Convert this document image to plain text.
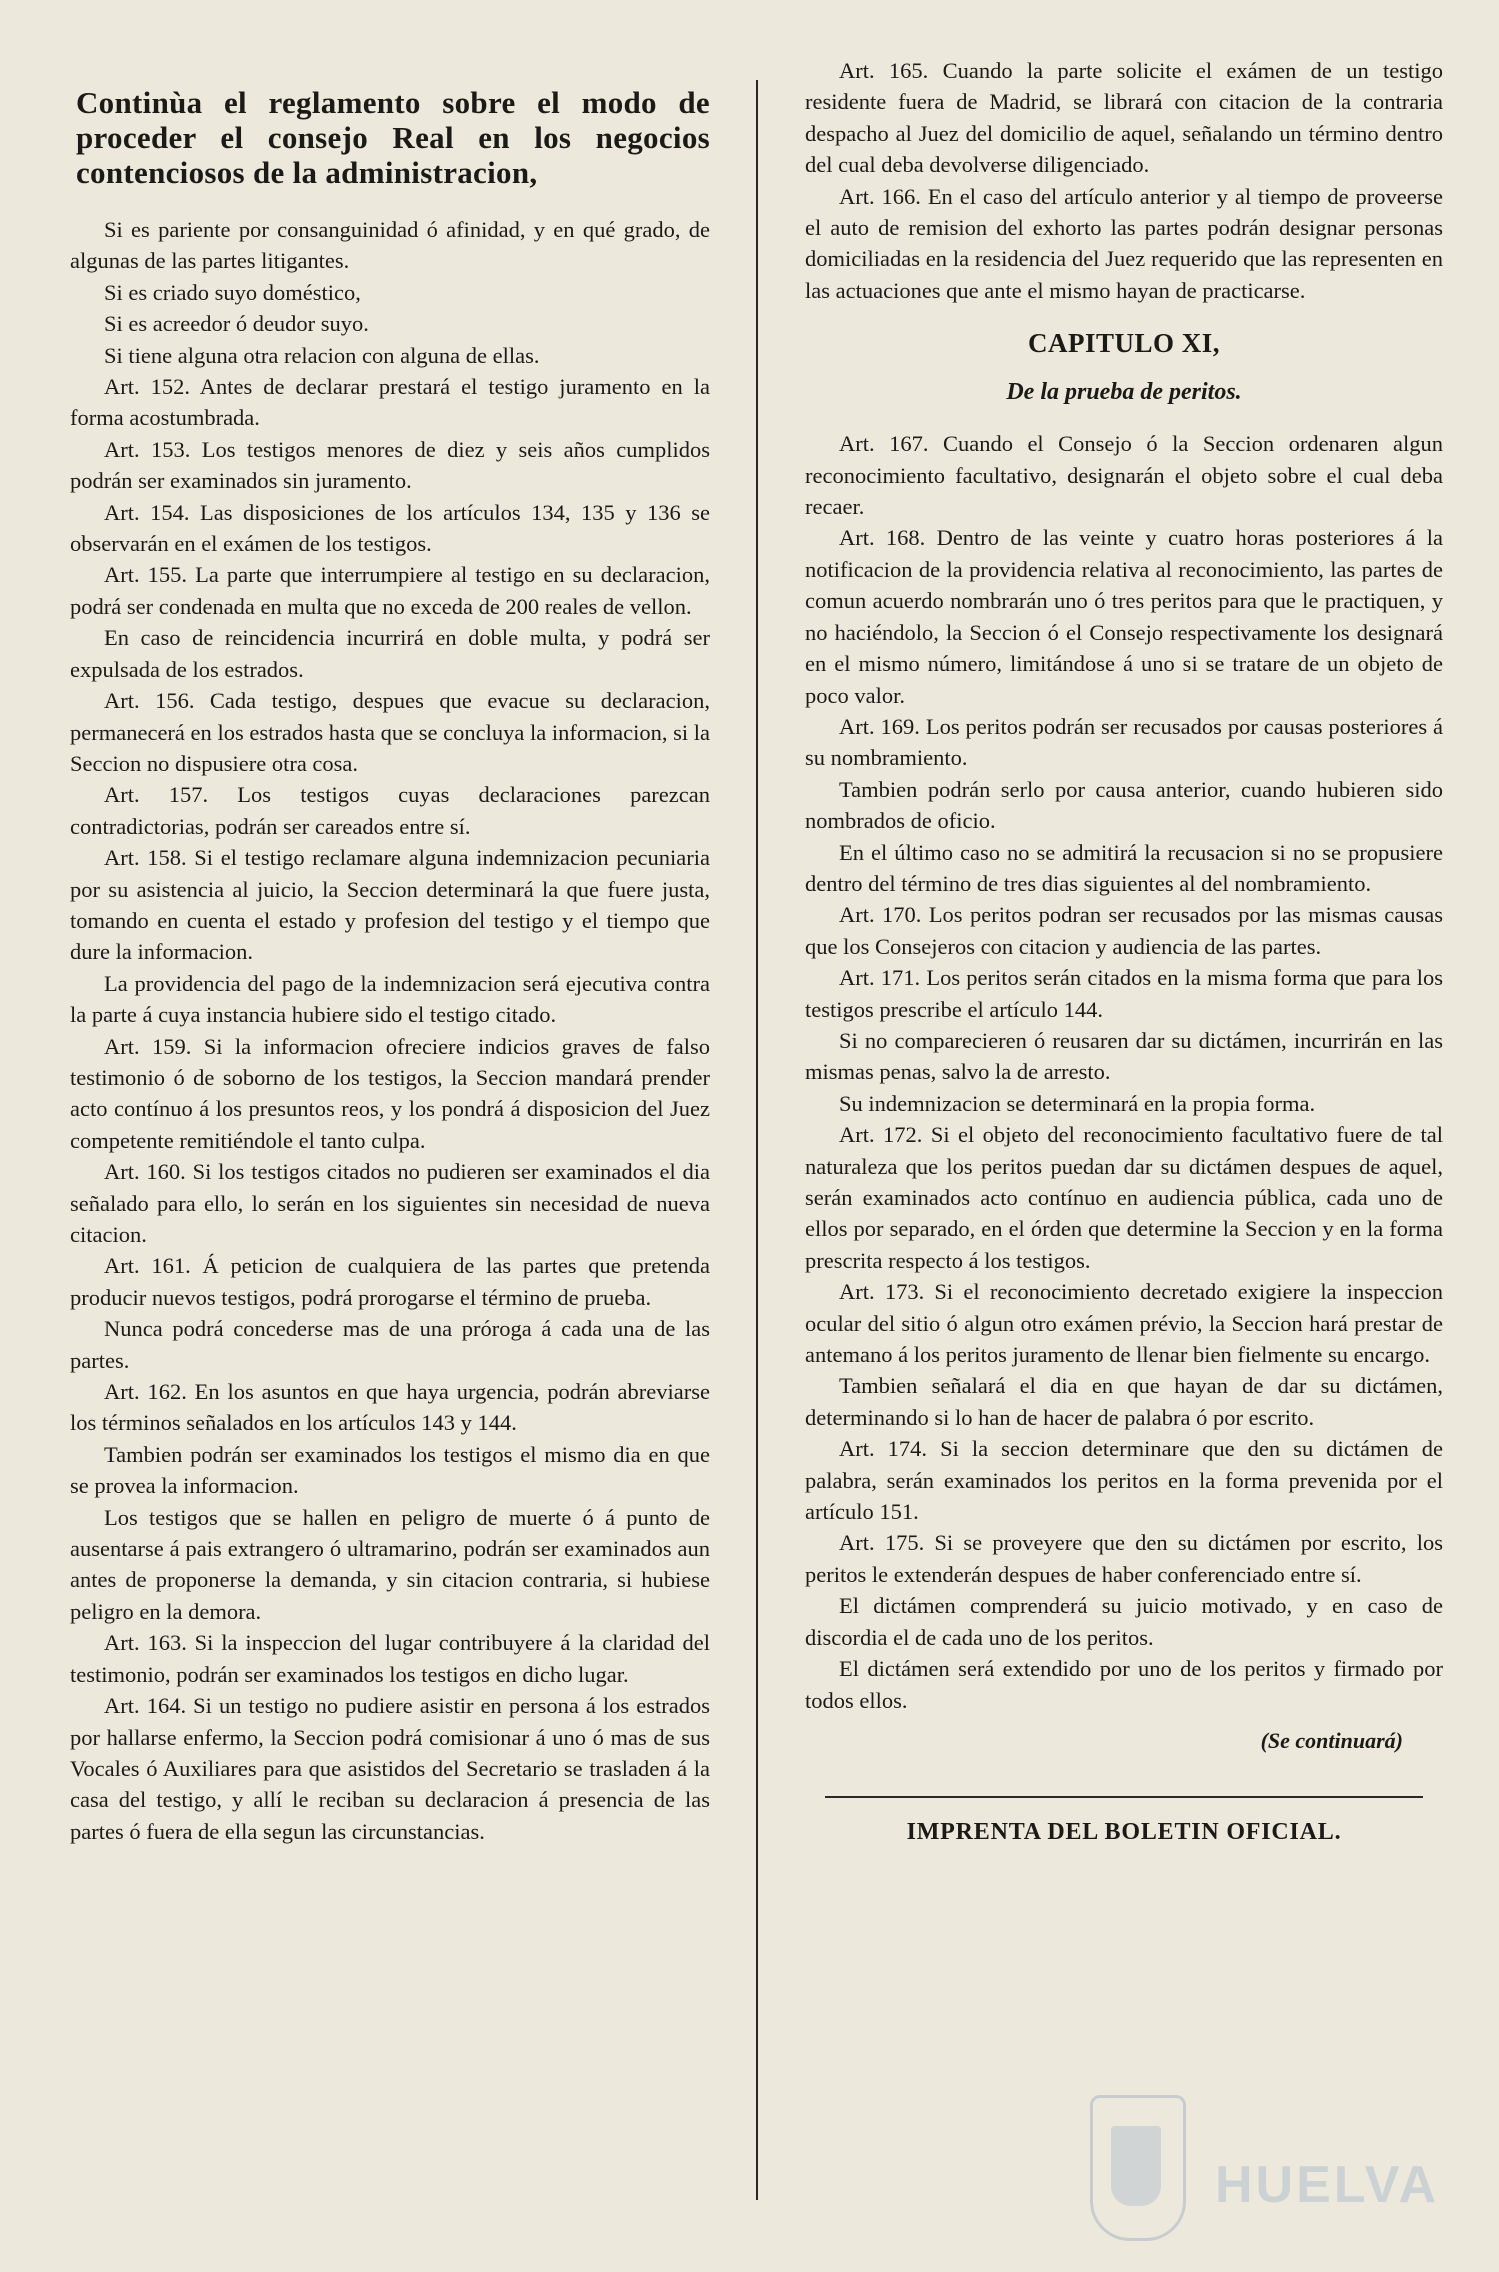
Continùa el reglamento sobre el modo de proceder el consejo Real en los negocios contenciosos de la administracion,

Si es pariente por consanguinidad ó afinidad, y en qué grado, de algunas de las partes litigantes.

Si es criado suyo doméstico,

Si es acreedor ó deudor suyo.

Si tiene alguna otra relacion con alguna de ellas.

Art. 152. Antes de declarar prestará el testigo juramento en la forma acostumbrada.

Art. 153. Los testigos menores de diez y seis años cumplidos podrán ser examinados sin juramento.

Art. 154. Las disposiciones de los artículos 134, 135 y 136 se observarán en el exámen de los testigos.

Art. 155. La parte que interrumpiere al testigo en su declaracion, podrá ser condenada en multa que no exceda de 200 reales de vellon.

En caso de reincidencia incurrirá en doble multa, y podrá ser expulsada de los estrados.

Art. 156. Cada testigo, despues que evacue su declaracion, permanecerá en los estrados hasta que se concluya la informacion, si la Seccion no dispusiere otra cosa.

Art. 157. Los testigos cuyas declaraciones parezcan contradictorias, podrán ser careados entre sí.

Art. 158. Si el testigo reclamare alguna indemnizacion pecuniaria por su asistencia al juicio, la Seccion determinará la que fuere justa, tomando en cuenta el estado y profesion del testigo y el tiempo que dure la informacion.

La providencia del pago de la indemnizacion será ejecutiva contra la parte á cuya instancia hubiere sido el testigo citado.

Art. 159. Si la informacion ofreciere indicios graves de falso testimonio ó de soborno de los testigos, la Seccion mandará prender acto contínuo á los presuntos reos, y los pondrá á disposicion del Juez competente remitiéndole el tanto culpa.

Art. 160. Si los testigos citados no pudieren ser examinados el dia señalado para ello, lo serán en los siguientes sin necesidad de nueva citacion.

Art. 161. Á peticion de cualquiera de las partes que pretenda producir nuevos testigos, podrá prorogarse el término de prueba.

Nunca podrá concederse mas de una próroga á cada una de las partes.

Art. 162. En los asuntos en que haya urgencia, podrán abreviarse los términos señalados en los artículos 143 y 144.

Tambien podrán ser examinados los testigos el mismo dia en que se provea la informacion.

Los testigos que se hallen en peligro de muerte ó á punto de ausentarse á pais extrangero ó ultramarino, podrán ser examinados aun antes de proponerse la demanda, y sin citacion contraria, si hubiese peligro en la demora.

Art. 163. Si la inspeccion del lugar contribuyere á la claridad del testimonio, podrán ser examinados los testigos en dicho lugar.

Art. 164. Si un testigo no pudiere asistir en persona á los estrados por hallarse enfermo, la Seccion podrá comisionar á uno ó mas de sus Vocales ó Auxiliares para que asistidos del Secretario se trasladen á la casa del testigo, y allí le reciban su declaracion á presencia de las partes ó fuera de ella segun las circunstancias.

Art. 165. Cuando la parte solicite el exámen de un testigo residente fuera de Madrid, se librará con citacion de la contraria despacho al Juez del domicilio de aquel, señalando un término dentro del cual deba devolverse diligenciado.

Art. 166. En el caso del artículo anterior y al tiempo de proveerse el auto de remision del exhorto las partes podrán designar personas domiciliadas en la residencia del Juez requerido que las representen en las actuaciones que ante el mismo hayan de practicarse.

CAPITULO XI,
De la prueba de peritos.

Art. 167. Cuando el Consejo ó la Seccion ordenaren algun reconocimiento facultativo, designarán el objeto sobre el cual deba recaer.

Art. 168. Dentro de las veinte y cuatro horas posteriores á la notificacion de la providencia relativa al reconocimiento, las partes de comun acuerdo nombrarán uno ó tres peritos para que le practiquen, y no haciéndolo, la Seccion ó el Consejo respectivamente los designará en el mismo número, limitándose á uno si se tratare de un objeto de poco valor.

Art. 169. Los peritos podrán ser recusados por causas posteriores á su nombramiento.

Tambien podrán serlo por causa anterior, cuando hubieren sido nombrados de oficio.

En el último caso no se admitirá la recusacion si no se propusiere dentro del término de tres dias siguientes al del nombramiento.

Art. 170. Los peritos podran ser recusados por las mismas causas que los Consejeros con citacion y audiencia de las partes.

Art. 171. Los peritos serán citados en la misma forma que para los testigos prescribe el artículo 144.

Si no comparecieren ó reusaren dar su dictámen, incurrirán en las mismas penas, salvo la de arresto.

Su indemnizacion se determinará en la propia forma.

Art. 172. Si el objeto del reconocimiento facultativo fuere de tal naturaleza que los peritos puedan dar su dictámen despues de aquel, serán examinados acto contínuo en audiencia pública, cada uno de ellos por separado, en el órden que determine la Seccion y en la forma prescrita respecto á los testigos.

Art. 173. Si el reconocimiento decretado exigiere la inspeccion ocular del sitio ó algun otro exámen prévio, la Seccion hará prestar de antemano á los peritos juramento de llenar bien fielmente su encargo.

Tambien señalará el dia en que hayan de dar su dictámen, determinando si lo han de hacer de palabra ó por escrito.

Art. 174. Si la seccion determinare que den su dictámen de palabra, serán examinados los peritos en la forma prevenida por el artículo 151.

Art. 175. Si se proveyere que den su dictámen por escrito, los peritos le extenderán despues de haber conferenciado entre sí.

El dictámen comprenderá su juicio motivado, y en caso de discordia el de cada uno de los peritos.

El dictámen será extendido por uno de los peritos y firmado por todos ellos.

(Se continuará)
IMPRENTA DEL BOLETIN OFICIAL.
HUELVA
